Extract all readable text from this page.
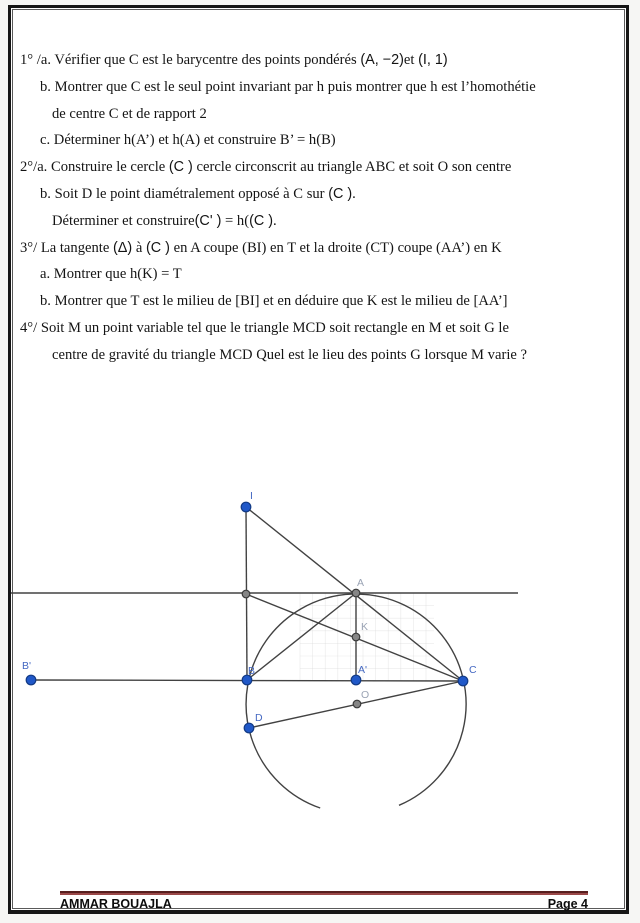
1° /a. Vérifier que C est le barycentre des points pondérés (A, −2)et (I, 1)
b. Montrer que C est le seul point invariant par h puis montrer que h est l’homothétie
de centre C et de rapport 2
c. Déterminer h(A’) et h(A) et construire B’ = h(B)
2°/a. Construire le cercle (C ) cercle circonscrit au triangle ABC et soit O son centre
b. Soit D le point diamétralement opposé à C sur (C ).
Déterminer et construire(C' ) = h((C ).
3°/ La tangente (Δ) à (C ) en A coupe (BI) en T et la droite (CT) coupe (AA’) en K
a. Montrer que h(K) = T
b. Montrer que T est le milieu de [BI] et en déduire que K est le milieu de [AA’]
4°/ Soit M un point variable tel que le triangle MCD soit rectangle en M et soit G le
centre de gravité du triangle MCD Quel est le lieu des points G lorsque M varie ?
I
B
D
A
K
A'
O
C
B'
AMMAR BOUAJLA	Page 4
